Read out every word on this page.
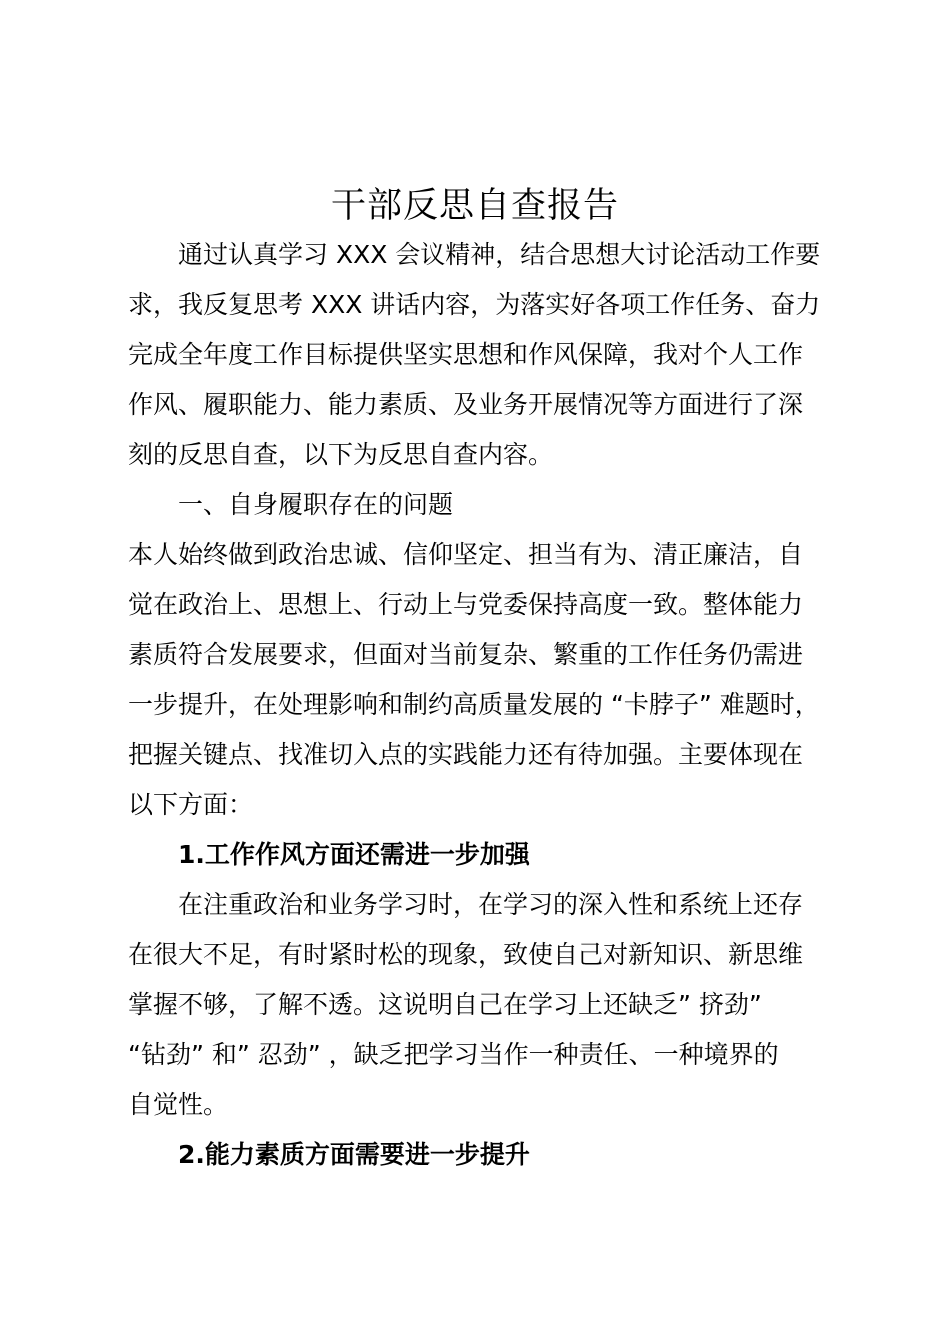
干部反思自查报告
通过认真学习 XXX 会议精神，结合思想大讨论活动工作要
求，我反复思考 XXX 讲话内容，为落实好各项工作任务、奋力
完成全年度工作目标提供坚实思想和作风保障，我对个人工作
作风、履职能力、能力素质、及业务开展情况等方面进行了深
刻的反思自查，以下为反思自查内容。
一、自身履职存在的问题
本人始终做到政治忠诚、信仰坚定、担当有为、清正廉洁，自
觉在政治上、思想上、行动上与党委保持高度一致。整体能力
素质符合发展要求，但面对当前复杂、繁重的工作任务仍需进
一步提升，在处理影响和制约高质量发展的 “卡脖子” 难题时，
把握关键点、找准切入点的实践能力还有待加强。主要体现在
以下方面：
1.工作作风方面还需进一步加强
在注重政治和业务学习时，在学习的深入性和系统上还存
在很大不足，有时紧时松的现象，致使自己对新知识、新思维
掌握不够，了解不透。这说明自己在学习上还缺乏” 挤劲”
“钻劲” 和” 忍劲” ，缺乏把学习当作一种责任、一种境界的
自觉性。
2.能力素质方面需要进一步提升
